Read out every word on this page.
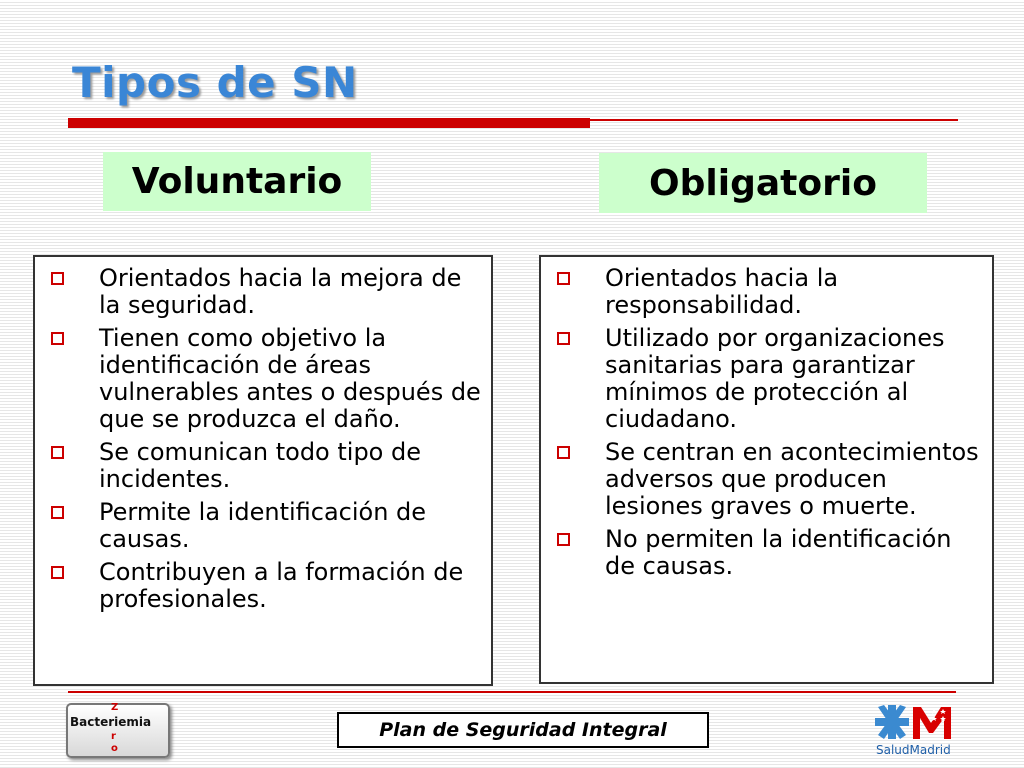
Tipos de SN
Voluntario	Obligatorio
Orientados hacia la mejora de la seguridad.
Tienen como objetivo la identificación de áreas vulnerables antes o después de que se produzca el daño.
Se comunican todo tipo de incidentes.
Permite la identificación de causas.
Contribuyen a la formación de profesionales.
Orientados hacia la responsabilidad.
Utilizado por organizaciones sanitarias para garantizar mínimos de protección al ciudadano.
Se centran en acontecimientos adversos que producen lesiones graves o muerte.
No permiten la identificación de causas.
Z
Bacteriemia
r
o
Plan de Seguridad Integral
SaludMadrid
